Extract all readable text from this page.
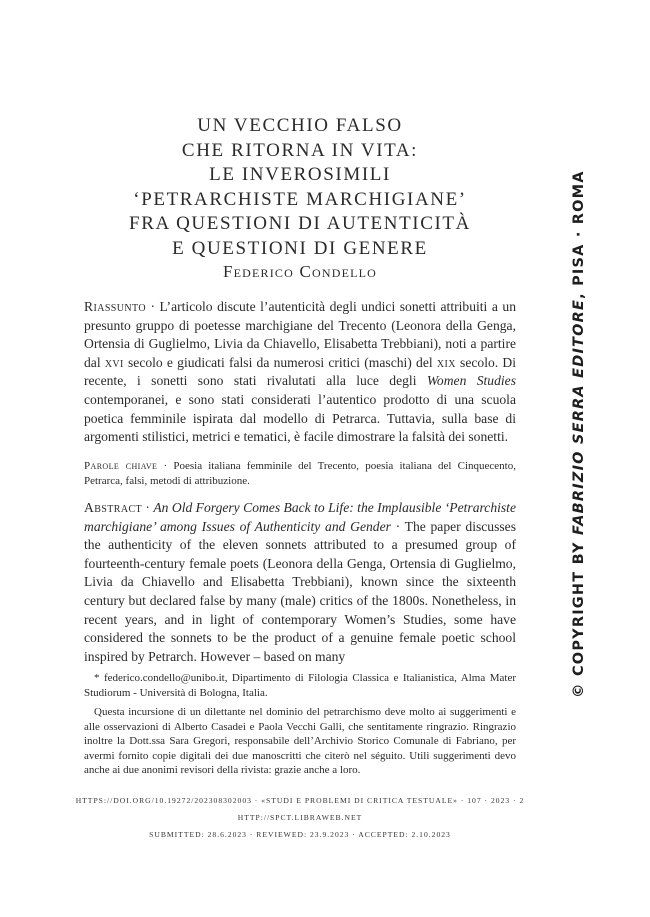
UN VECCHIO FALSO
CHE RITORNA IN VITA:
LE INVEROSIMILI
‘PETRARCHISTE MARCHIGIANE’
FRA QUESTIONI DI AUTENTICITÀ
E QUESTIONI DI GENERE
Federico Condello
Riassunto · L’articolo discute l’autenticità degli undici sonetti attribuiti a un presunto gruppo di poetesse marchigiane del Trecento (Leonora della Genga, Ortensia di Guglielmo, Livia da Chiavello, Elisabetta Trebbiani), noti a partire dal xvi secolo e giudicati falsi da numerosi critici (maschi) del xix secolo. Di recente, i sonetti sono stati rivalutati alla luce degli Women Studies contemporanei, e sono stati considerati l’autentico prodotto di una scuola poetica femminile ispirata dal modello di Petrarca. Tuttavia, sulla base di argomenti stilistici, metrici e tematici, è facile dimostrare la falsità dei sonetti.
Parole chiave · Poesia italiana femminile del Trecento, poesia italiana del Cinquecento, Petrarca, falsi, metodi di attribuzione.
Abstract · An Old Forgery Comes Back to Life: the Implausible ‘Petrarchiste marchigiane’ among Issues of Authenticity and Gender · The paper discusses the authenticity of the eleven sonnets attributed to a presumed group of fourteenth-century female poets (Leonora della Genga, Ortensia di Guglielmo, Livia da Chiavello and Elisabetta Trebbiani), known since the sixteenth century but declared false by many (male) critics of the 1800s. Nonetheless, in recent years, and in light of contemporary Women’s Studies, some have considered the sonnets to be the product of a genuine female poetic school inspired by Petrarch. However – based on many

* federico.condello@unibo.it, Dipartimento di Filologia Classica e Italianistica, Alma Mater Studiorum - Università di Bologna, Italia.

Questa incursione di un dilettante nel dominio del petrarchismo deve molto ai suggerimenti e alle osservazioni di Alberto Casadei e Paola Vecchi Galli, che sentitamente ringrazio. Ringrazio inoltre la Dott.ssa Sara Gregori, responsabile dell’Archivio Storico Comunale di Fabriano, per avermi fornito copie digitali dei due manoscritti che citerò nel séguito. Utili suggerimenti devo anche ai due anonimi revisori della rivista: grazie anche a loro.

HTTPS://DOI.ORG/10.19272/202308302003 · «STUDI E PROBLEMI DI CRITICA TESTUALE» · 107 · 2023 · 2
HTTP://SPCT.LIBRAWEB.NET
SUBMITTED: 28.6.2023 · REVIEWED: 23.9.2023 · ACCEPTED: 2.10.2023
© COPYRIGHT BY FABRIZIO SERRA EDITORE, PISA · ROMA
